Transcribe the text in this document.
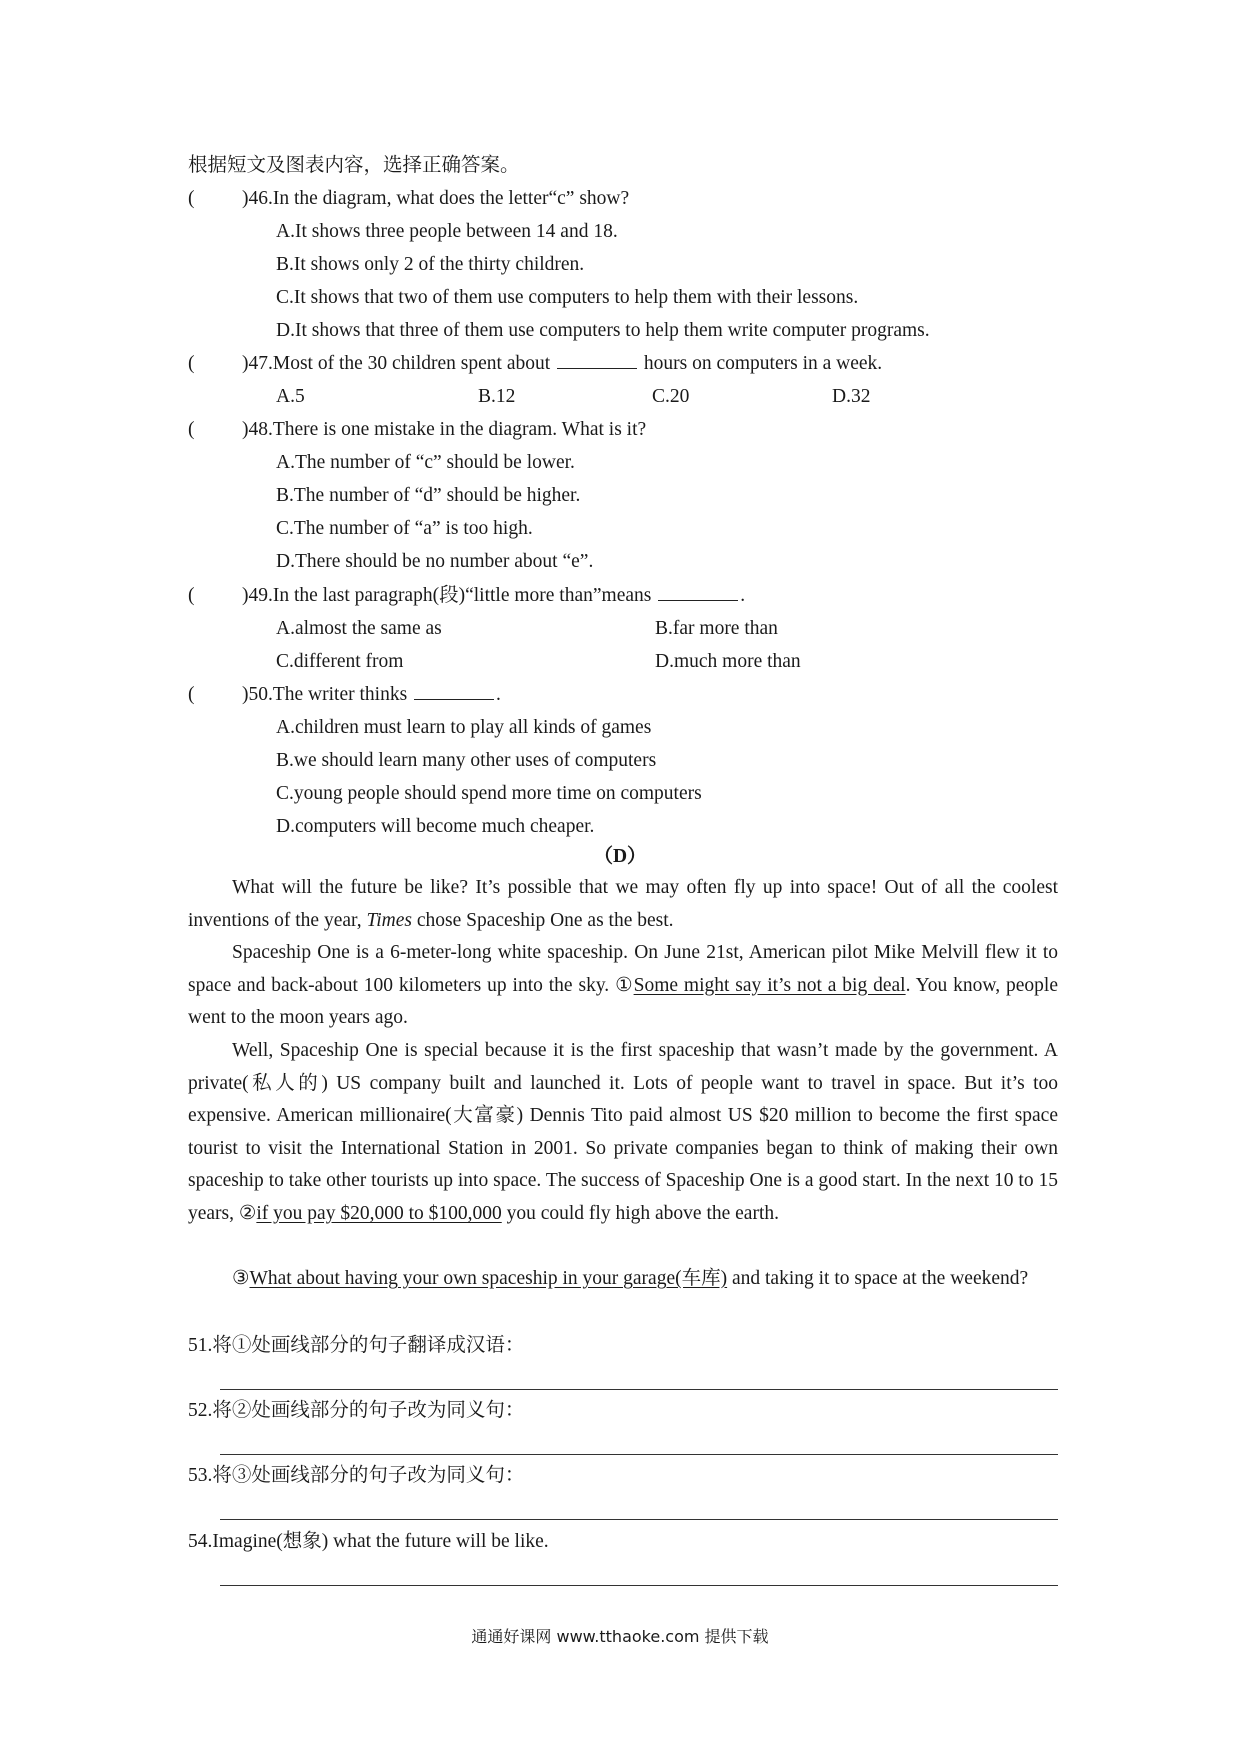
根据短文及图表内容，选择正确答案。
( )46.In the diagram, what does the letter“c” show?
A.It shows three people between 14 and 18.
B.It shows only 2 of the thirty children.
C.It shows that two of them use computers to help them with their lessons.
D.It shows that three of them use computers to help them write computer programs.
( )47.Most of the 30 children spent about	hours on computers in a week.
A.5	B.12	C.20	D.32
( )48.There is one mistake in the diagram. What is it?
A.The number of “c” should be lower.
B.The number of “d” should be higher.
C.The number of “a” is too high.
D.There should be no number about “e”.
( )49.In the last paragraph(段)“little more than”means	.
A.almost the same as	B.far more than
C.different from	D.much more than
( )50.The writer thinks	.
A.children must learn to play all kinds of games
B.we should learn many other uses of computers
C.young people should spend more time on computers
D.computers will become much cheaper.
（D）
What will the future be like? It’s possible that we may often fly up into space! Out of all the coolest inventions of the year, Times chose Spaceship One as the best.
Spaceship One is a 6-meter-long white spaceship. On June 21st, American pilot Mike Melvill flew it to space and back-about 100 kilometers up into the sky. ①Some might say it’s not a big deal. You know, people went to the moon years ago.
Well, Spaceship One is special because it is the first spaceship that wasn’t made by the government. A private(私人的) US company built and launched it. Lots of people want to travel in space. But it’s too expensive. American millionaire(大富豪) Dennis Tito paid almost US $20 million to become the first space tourist to visit the International Station in 2001. So private companies began to think of making their own spaceship to take other tourists up into space. The success of Spaceship One is a good start. In the next 10 to 15 years, ②if you pay $20,000 to $100,000 you could fly high above the earth.
③What about having your own spaceship in your garage(车库) and taking it to space at the weekend?
51.将①处画线部分的句子翻译成汉语：
52.将②处画线部分的句子改为同义句：
53.将③处画线部分的句子改为同义句：
54.Imagine(想象) what the future will be like.
通通好课网 www.tthaoke.com 提供下载
